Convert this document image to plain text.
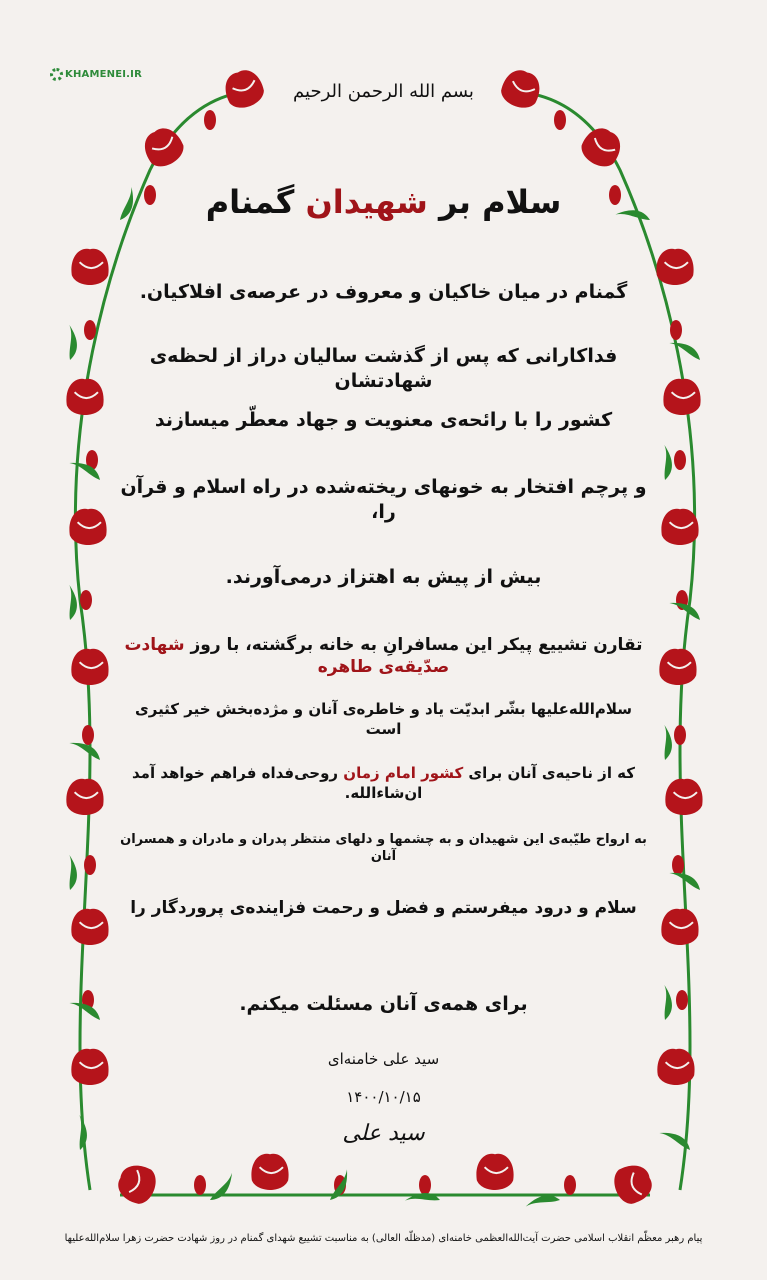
KHAMENEI.IR
بسم الله الرحمن الرحیم
سلام بر شهیدان گمنام
گمنام در میان خاکیان و معروف در عرصه‌ی افلاکیان.
فداکارانی که پس از گذشت سالیان دراز از لحظه‌ی شهادتشان
کشور را با رائحه‌ی معنویت و جهاد معطّر میسازند
و پرچم افتخار به خونهای ریخته‌شده در راه اسلام و قرآن را،
بیش از پیش به اهتزاز درمی‌آورند.
تقارن تشییع پیکر این مسافرانِ به خانه برگشته، با روز شهادت صدّیقه‌ی طاهره
سلام‌الله‌علیها بشّر ابدیّت یاد و خاطره‌ی آنان و مژده‌بخش خیر کثیری است
که از ناحیه‌ی آنان برای کشور امام زمان روحی‌فداه فراهم خواهد آمد ان‌شاءالله.
به ارواح طیّبه‌ی این شهیدان و به چشمها و دلهای منتظر پدران و مادران و همسران آنان
سلام و درود میفرستم و فضل و رحمت فزاینده‌ی پروردگار را
برای همه‌ی آنان مسئلت میکنم.
سید علی خامنه‌ای
۱۴۰۰/۱۰/۱۵
سید علی
پیام رهبر معظّم انقلاب اسلامی حضرت آیت‌الله‌العظمی خامنه‌ای (مدظلّه العالی) به مناسبت تشییع شهدای گمنام در روز شهادت حضرت زهرا سلام‌الله‌علیها
